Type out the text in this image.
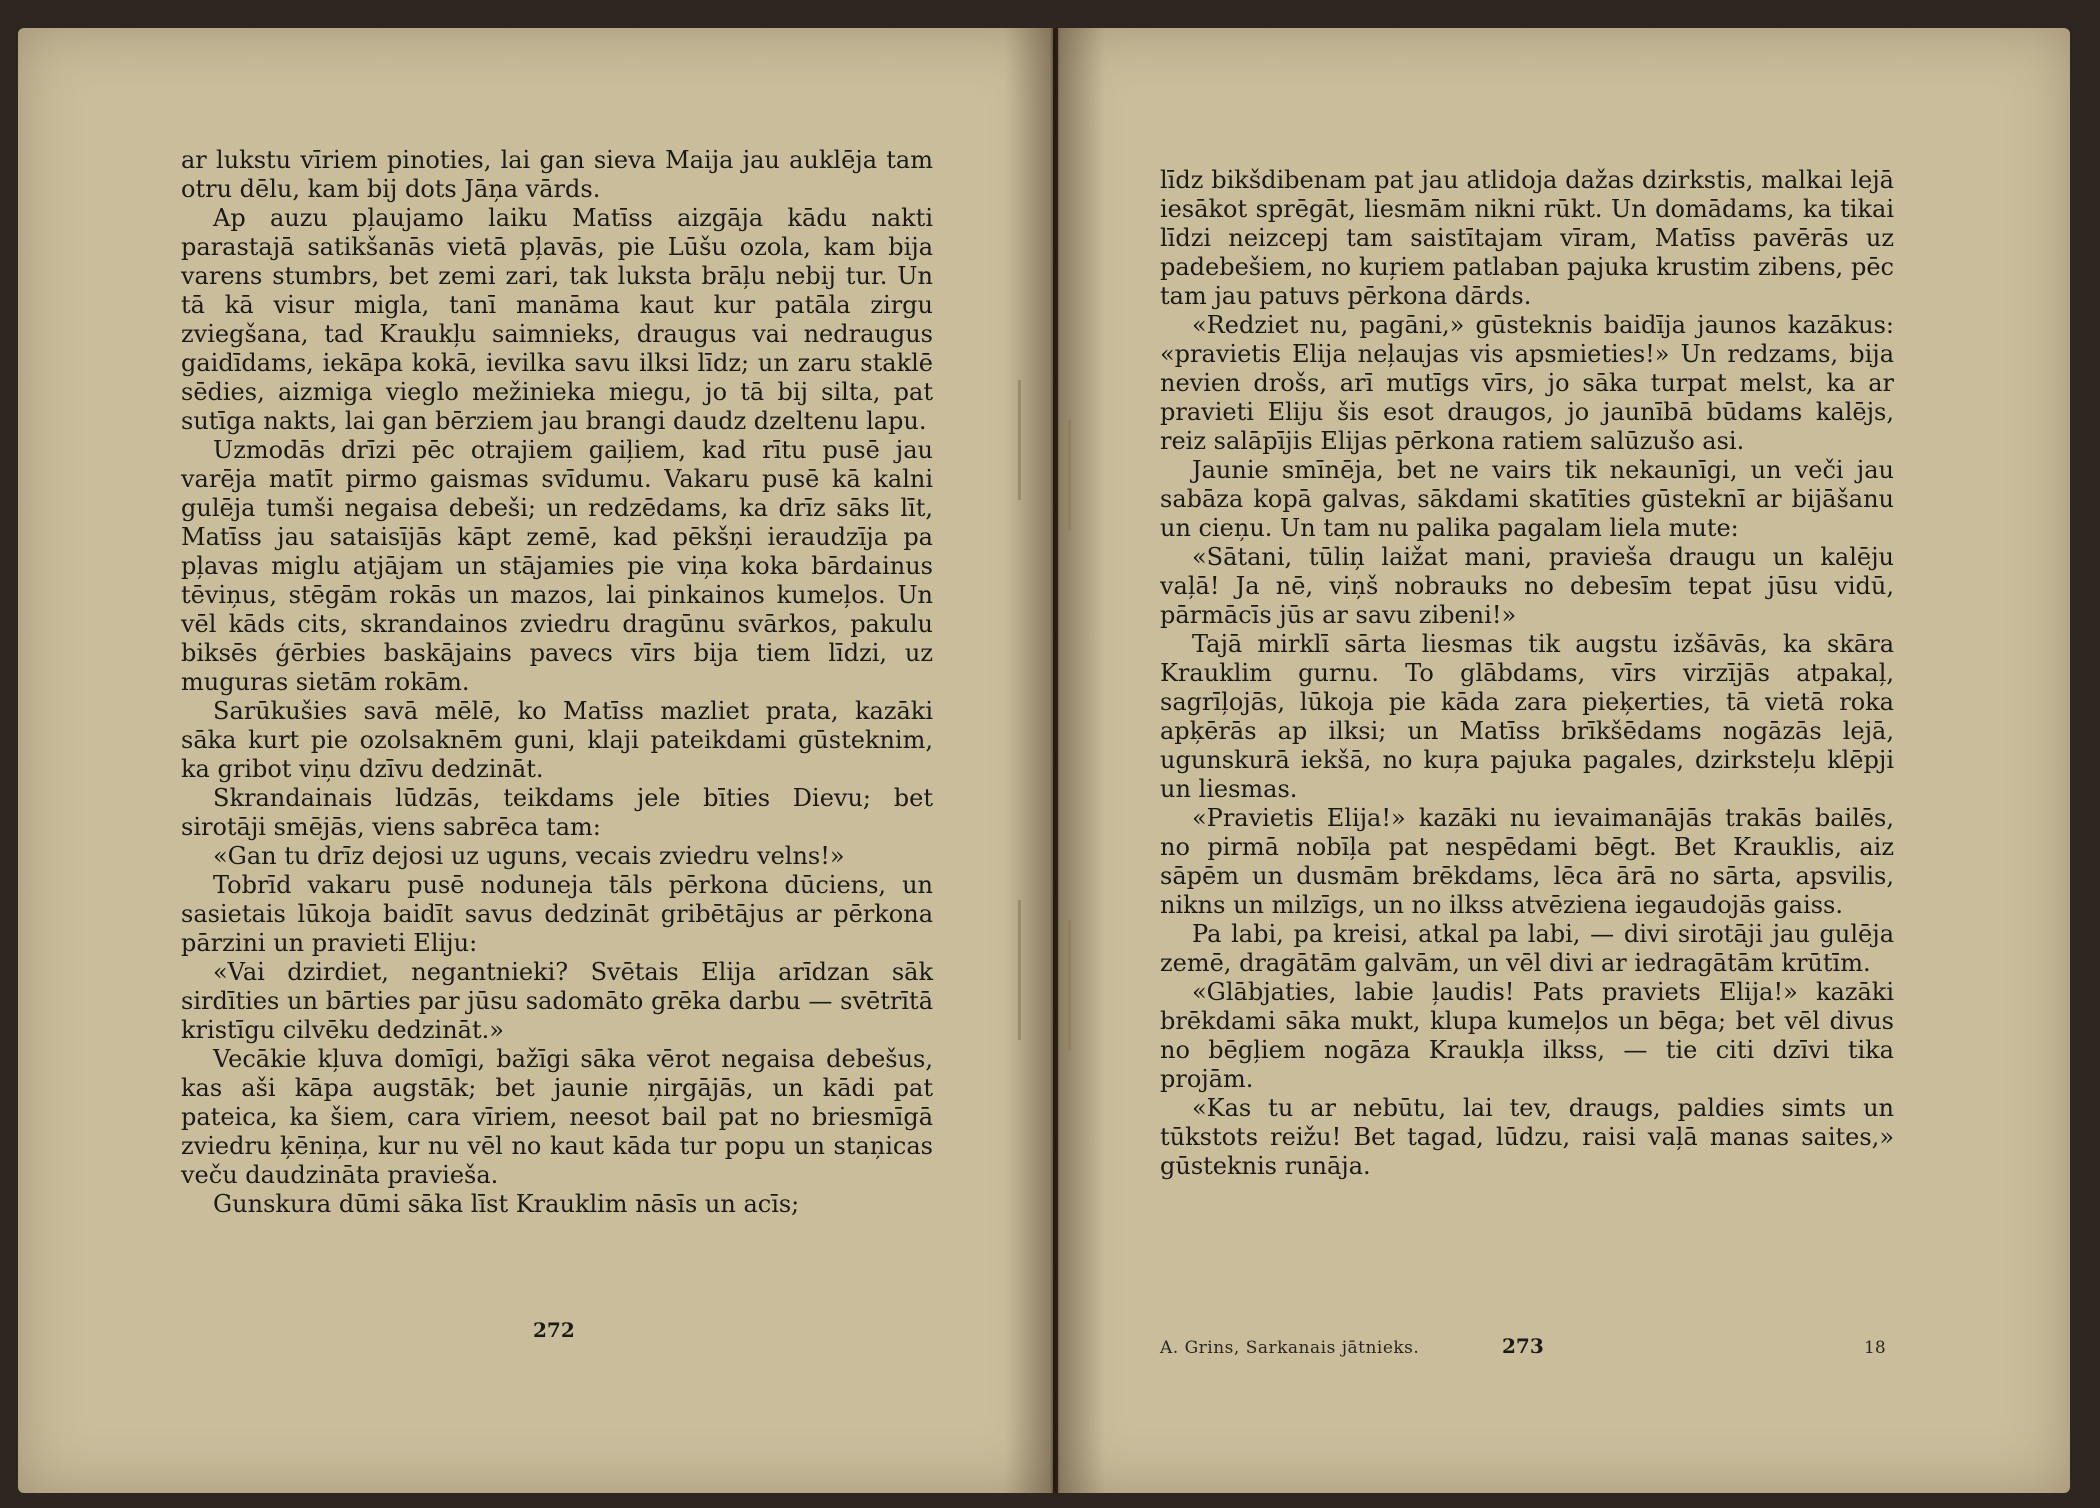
ar lukstu vīriem pinoties, lai gan sieva Maija jau auklēja tam otru dēlu, kam bij dots Jāņa vārds.

Ap auzu pļaujamo laiku Matīss aizgāja kādu nakti parastajā satikšanās vietā pļavās, pie Lūšu ozola, kam bija varens stumbrs, bet zemi zari, tak luksta brāļu nebij tur. Un tā kā visur migla, tanī manāma kaut kur patāla zirgu zviegšana, tad Kraukļu saimnieks, draugus vai nedraugus gaidīdams, iekāpa kokā, ievilka savu ilksi līdz; un zaru staklē sēdies, aizmiga vieglo mežinieka miegu, jo tā bij silta, pat sutīga nakts, lai gan bērziem jau brangi daudz dzeltenu lapu.

Uzmodās drīzi pēc otrajiem gaiļiem, kad rītu pusē jau varēja matīt pirmo gaismas svīdumu. Vakaru pusē kā kalni gulēja tumši negaisa debeši; un redzēdams, ka drīz sāks līt, Matīss jau sataisījās kāpt zemē, kad pēkšņi ieraudzīja pa pļavas miglu atjājam un stājamies pie viņa koka bārdainus tēviņus, stēgām rokās un mazos, lai pinkainos kumeļos. Un vēl kāds cits, skrandainos zviedru dragūnu svārkos, pakulu biksēs ģērbies baskājains pavecs vīrs bija tiem līdzi, uz muguras sietām rokām.

Sarūkušies savā mēlē, ko Matīss mazliet prata, kazāki sāka kurt pie ozolsaknēm guni, klaji pateikdami gūsteknim, ka gribot viņu dzīvu dedzināt.

Skrandainais lūdzās, teikdams jele bīties Dievu; bet sirotāji smējās, viens sabrēca tam:

«Gan tu drīz dejosi uz uguns, vecais zviedru velns!»

Tobrīd vakaru pusē noduneja tāls pērkona dūciens, un sasietais lūkoja baidīt savus dedzināt gribētājus ar pērkona pārzini un pravieti Eliju:

«Vai dzirdiet, negantnieki? Svētais Elija arīdzan sāk sirdīties un bārties par jūsu sadomāto grēka darbu — svētrītā kristīgu cilvēku dedzināt.»

Vecākie kļuva domīgi, bažīgi sāka vērot negaisa debešus, kas aši kāpa augstāk; bet jaunie ņirgājās, un kādi pat pateica, ka šiem, cara vīriem, neesot bail pat no briesmīgā zviedru ķēniņa, kur nu vēl no kaut kāda tur popu un staņicas veču daudzināta pravieša.

Gunskura dūmi sāka līst Krauklim nāsīs un acīs;

272

līdz bikšdibenam pat jau atlidoja dažas dzirkstis, malkai lejā iesākot sprēgāt, liesmām nikni rūkt. Un domādams, ka tikai līdzi neizcepj tam saistītajam vīram, Matīss pavērās uz padebešiem, no kuŗiem patlaban pajuka krustim zibens, pēc tam jau patuvs pērkona dārds.

«Redziet nu, pagāni,» gūsteknis baidīja jaunos kazākus: «pravietis Elija neļaujas vis apsmieties!» Un redzams, bija nevien drošs, arī mutīgs vīrs, jo sāka turpat melst, ka ar pravieti Eliju šis esot draugos, jo jaunībā būdams kalējs, reiz salāpījis Elijas pērkona ratiem salūzušo asi.

Jaunie smīnēja, bet ne vairs tik nekaunīgi, un veči jau sabāza kopā galvas, sākdami skatīties gūsteknī ar bijāšanu un cieņu. Un tam nu palika pagalam liela mute:

«Sātani, tūliņ laižat mani, pravieša draugu un kalēju vaļā! Ja nē, viņš nobrauks no debesīm tepat jūsu vidū, pārmācīs jūs ar savu zibeni!»

Tajā mirklī sārta liesmas tik augstu izšāvās, ka skāra Krauklim gurnu. To glābdams, vīrs virzījās atpakaļ, sagrīļojās, lūkoja pie kāda zara pieķerties, tā vietā roka apķērās ap ilksi; un Matīss brīkšēdams nogāzās lejā, ugunskurā iekšā, no kuŗa pajuka pagales, dzirksteļu klēpji un liesmas.

«Pravietis Elija!» kazāki nu ievaimanājās trakās bailēs, no pirmā nobīļa pat nespēdami bēgt. Bet Krauklis, aiz sāpēm un dusmām brēkdams, lēca ārā no sārta, apsvilis, nikns un milzīgs, un no ilkss atvēziena iegaudojās gaiss.

Pa labi, pa kreisi, atkal pa labi, — divi sirotāji jau gulēja zemē, dragātām galvām, un vēl divi ar iedragātām krūtīm.

«Glābjaties, labie ļaudis! Pats praviets Elija!» kazāki brēkdami sāka mukt, klupa kumeļos un bēga; bet vēl divus no bēgļiem nogāza Kraukļa ilkss, — tie citi dzīvi tika projām.

«Kas tu ar nebūtu, lai tev, draugs, paldies simts un tūkstots reižu! Bet tagad, lūdzu, raisi vaļā manas saites,» gūsteknis runāja.

A. Grins, Sarkanais jātnieks.	273	18
